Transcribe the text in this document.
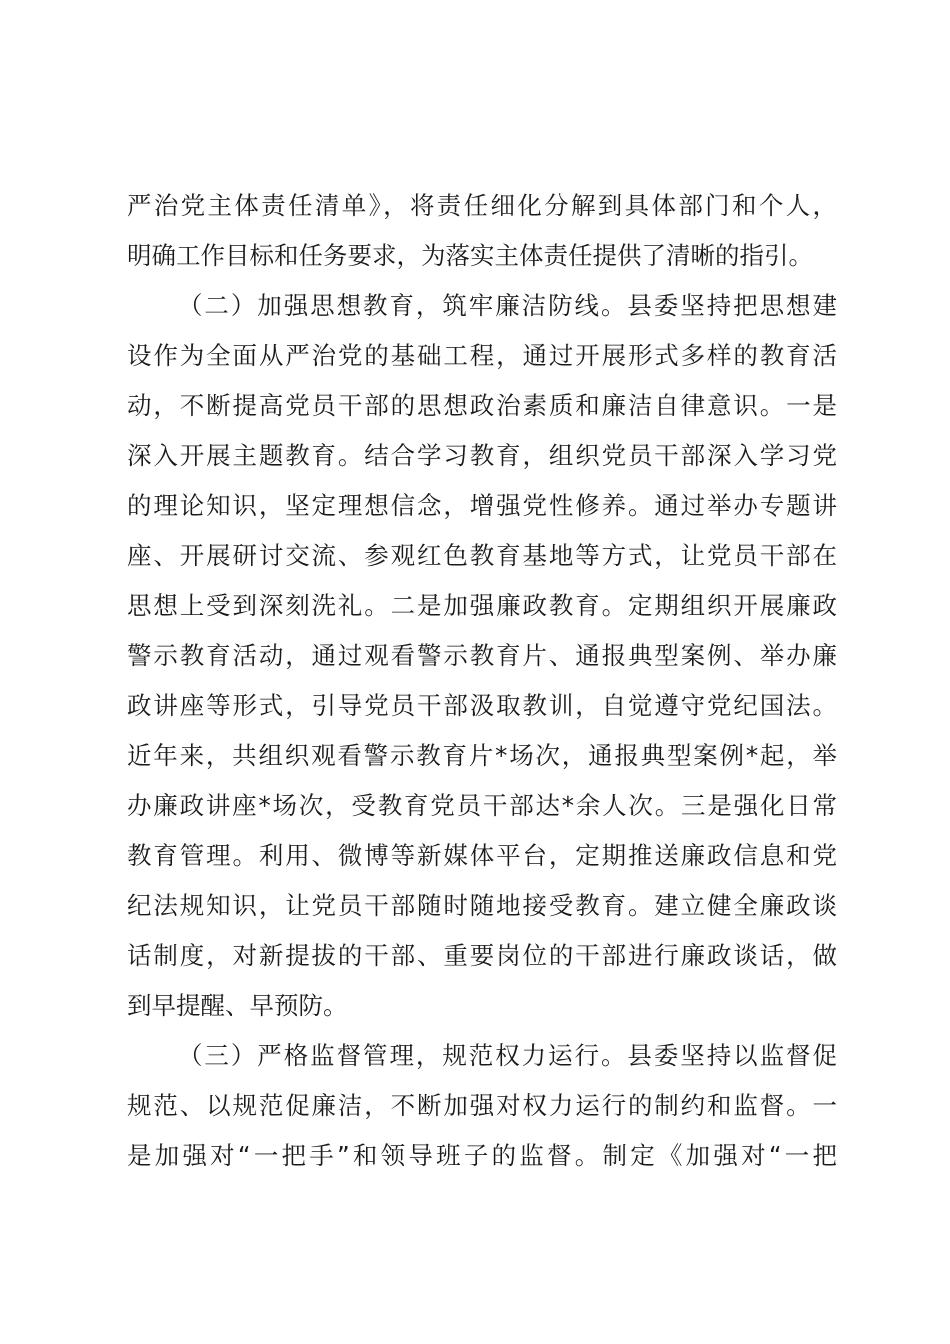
严治党主体责任清单》，将责任细化分解到具体部门和个人，
明确工作目标和任务要求，为落实主体责任提供了清晰的指引。
（二）加强思想教育，筑牢廉洁防线。县委坚持把思想建
设作为全面从严治党的基础工程，通过开展形式多样的教育活
动，不断提高党员干部的思想政治素质和廉洁自律意识。一是
深入开展主题教育。结合学习教育，组织党员干部深入学习党
的理论知识，坚定理想信念，增强党性修养。通过举办专题讲
座、开展研讨交流、参观红色教育基地等方式，让党员干部在
思想上受到深刻洗礼。二是加强廉政教育。定期组织开展廉政
警示教育活动，通过观看警示教育片、通报典型案例、举办廉
政讲座等形式，引导党员干部汲取教训，自觉遵守党纪国法。
近年来，共组织观看警示教育片*场次，通报典型案例*起，举
办廉政讲座*场次，受教育党员干部达*余人次。三是强化日常
教育管理。利用、微博等新媒体平台，定期推送廉政信息和党
纪法规知识，让党员干部随时随地接受教育。建立健全廉政谈
话制度，对新提拔的干部、重要岗位的干部进行廉政谈话，做
到早提醒、早预防。
（三）严格监督管理，规范权力运行。县委坚持以监督促
规范、以规范促廉洁，不断加强对权力运行的制约和监督。一
是加强对“一把手”和领导班子的监督。制定《加强对“一把
